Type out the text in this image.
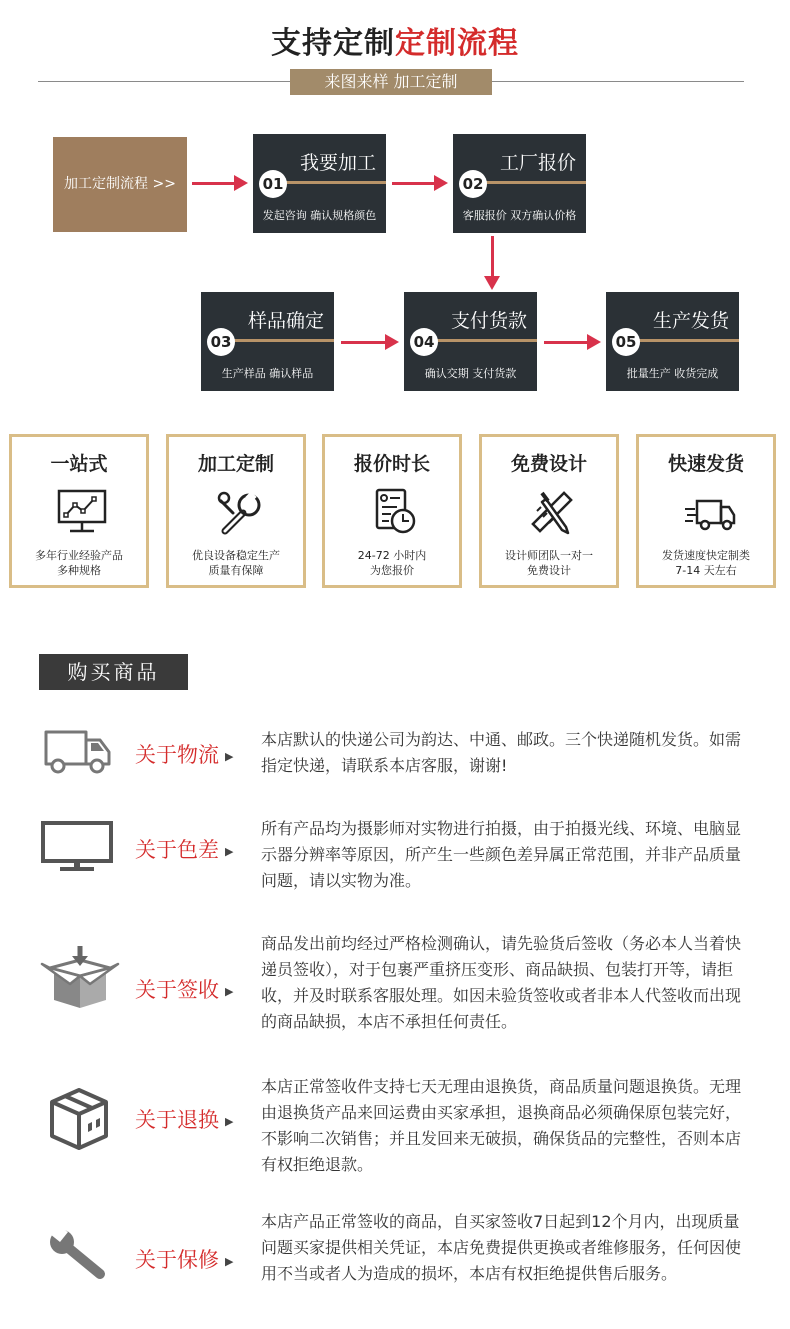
支持定制定制流程
来图来样 加工定制
加工定制流程 >>
我要加工
01
发起咨询 确认规格颜色
工厂报价
02
客服报价 双方确认价格
样品确定
03
生产样品 确认样品
支付货款
04
确认交期 支付货款
生产发货
05
批量生产 收货完成
一站式
多年行业经验产品
多种规格
加工定制
优良设备稳定生产
质量有保障
报价时长
24-72 小时内
为您报价
免费设计
设计师团队一对一
免费设计
快速发货
发货速度快定制类
7-14 天左右
购买商品
关于物流 ▶
本店默认的快递公司为韵达、中通、邮政。三个快递随机发货。如需指定快递，请联系本店客服，谢谢!
关于色差 ▶
所有产品均为摄影师对实物进行拍摄，由于拍摄光线、环境、电脑显示器分辨率等原因，所产生一些颜色差异属正常范围，并非产品质量问题，请以实物为准。
关于签收 ▶
商品发出前均经过严格检测确认，请先验货后签收（务必本人当着快递员签收），对于包裹严重挤压变形、商品缺损、包装打开等，请拒收，并及时联系客服处理。如因未验货签收或者非本人代签收而出现的商品缺损，本店不承担任何责任。
关于退换 ▶
本店正常签收件支持七天无理由退换货，商品质量问题退换货。无理由退换货产品来回运费由买家承担，退换商品必须确保原包装完好，不影响二次销售；并且发回来无破损，确保货品的完整性，否则本店有权拒绝退款。
关于保修 ▶
本店产品正常签收的商品，自买家签收7日起到12个月内，出现质量问题买家提供相关凭证，本店免费提供更换或者维修服务，任何因使用不当或者人为造成的损坏，本店有权拒绝提供售后服务。
